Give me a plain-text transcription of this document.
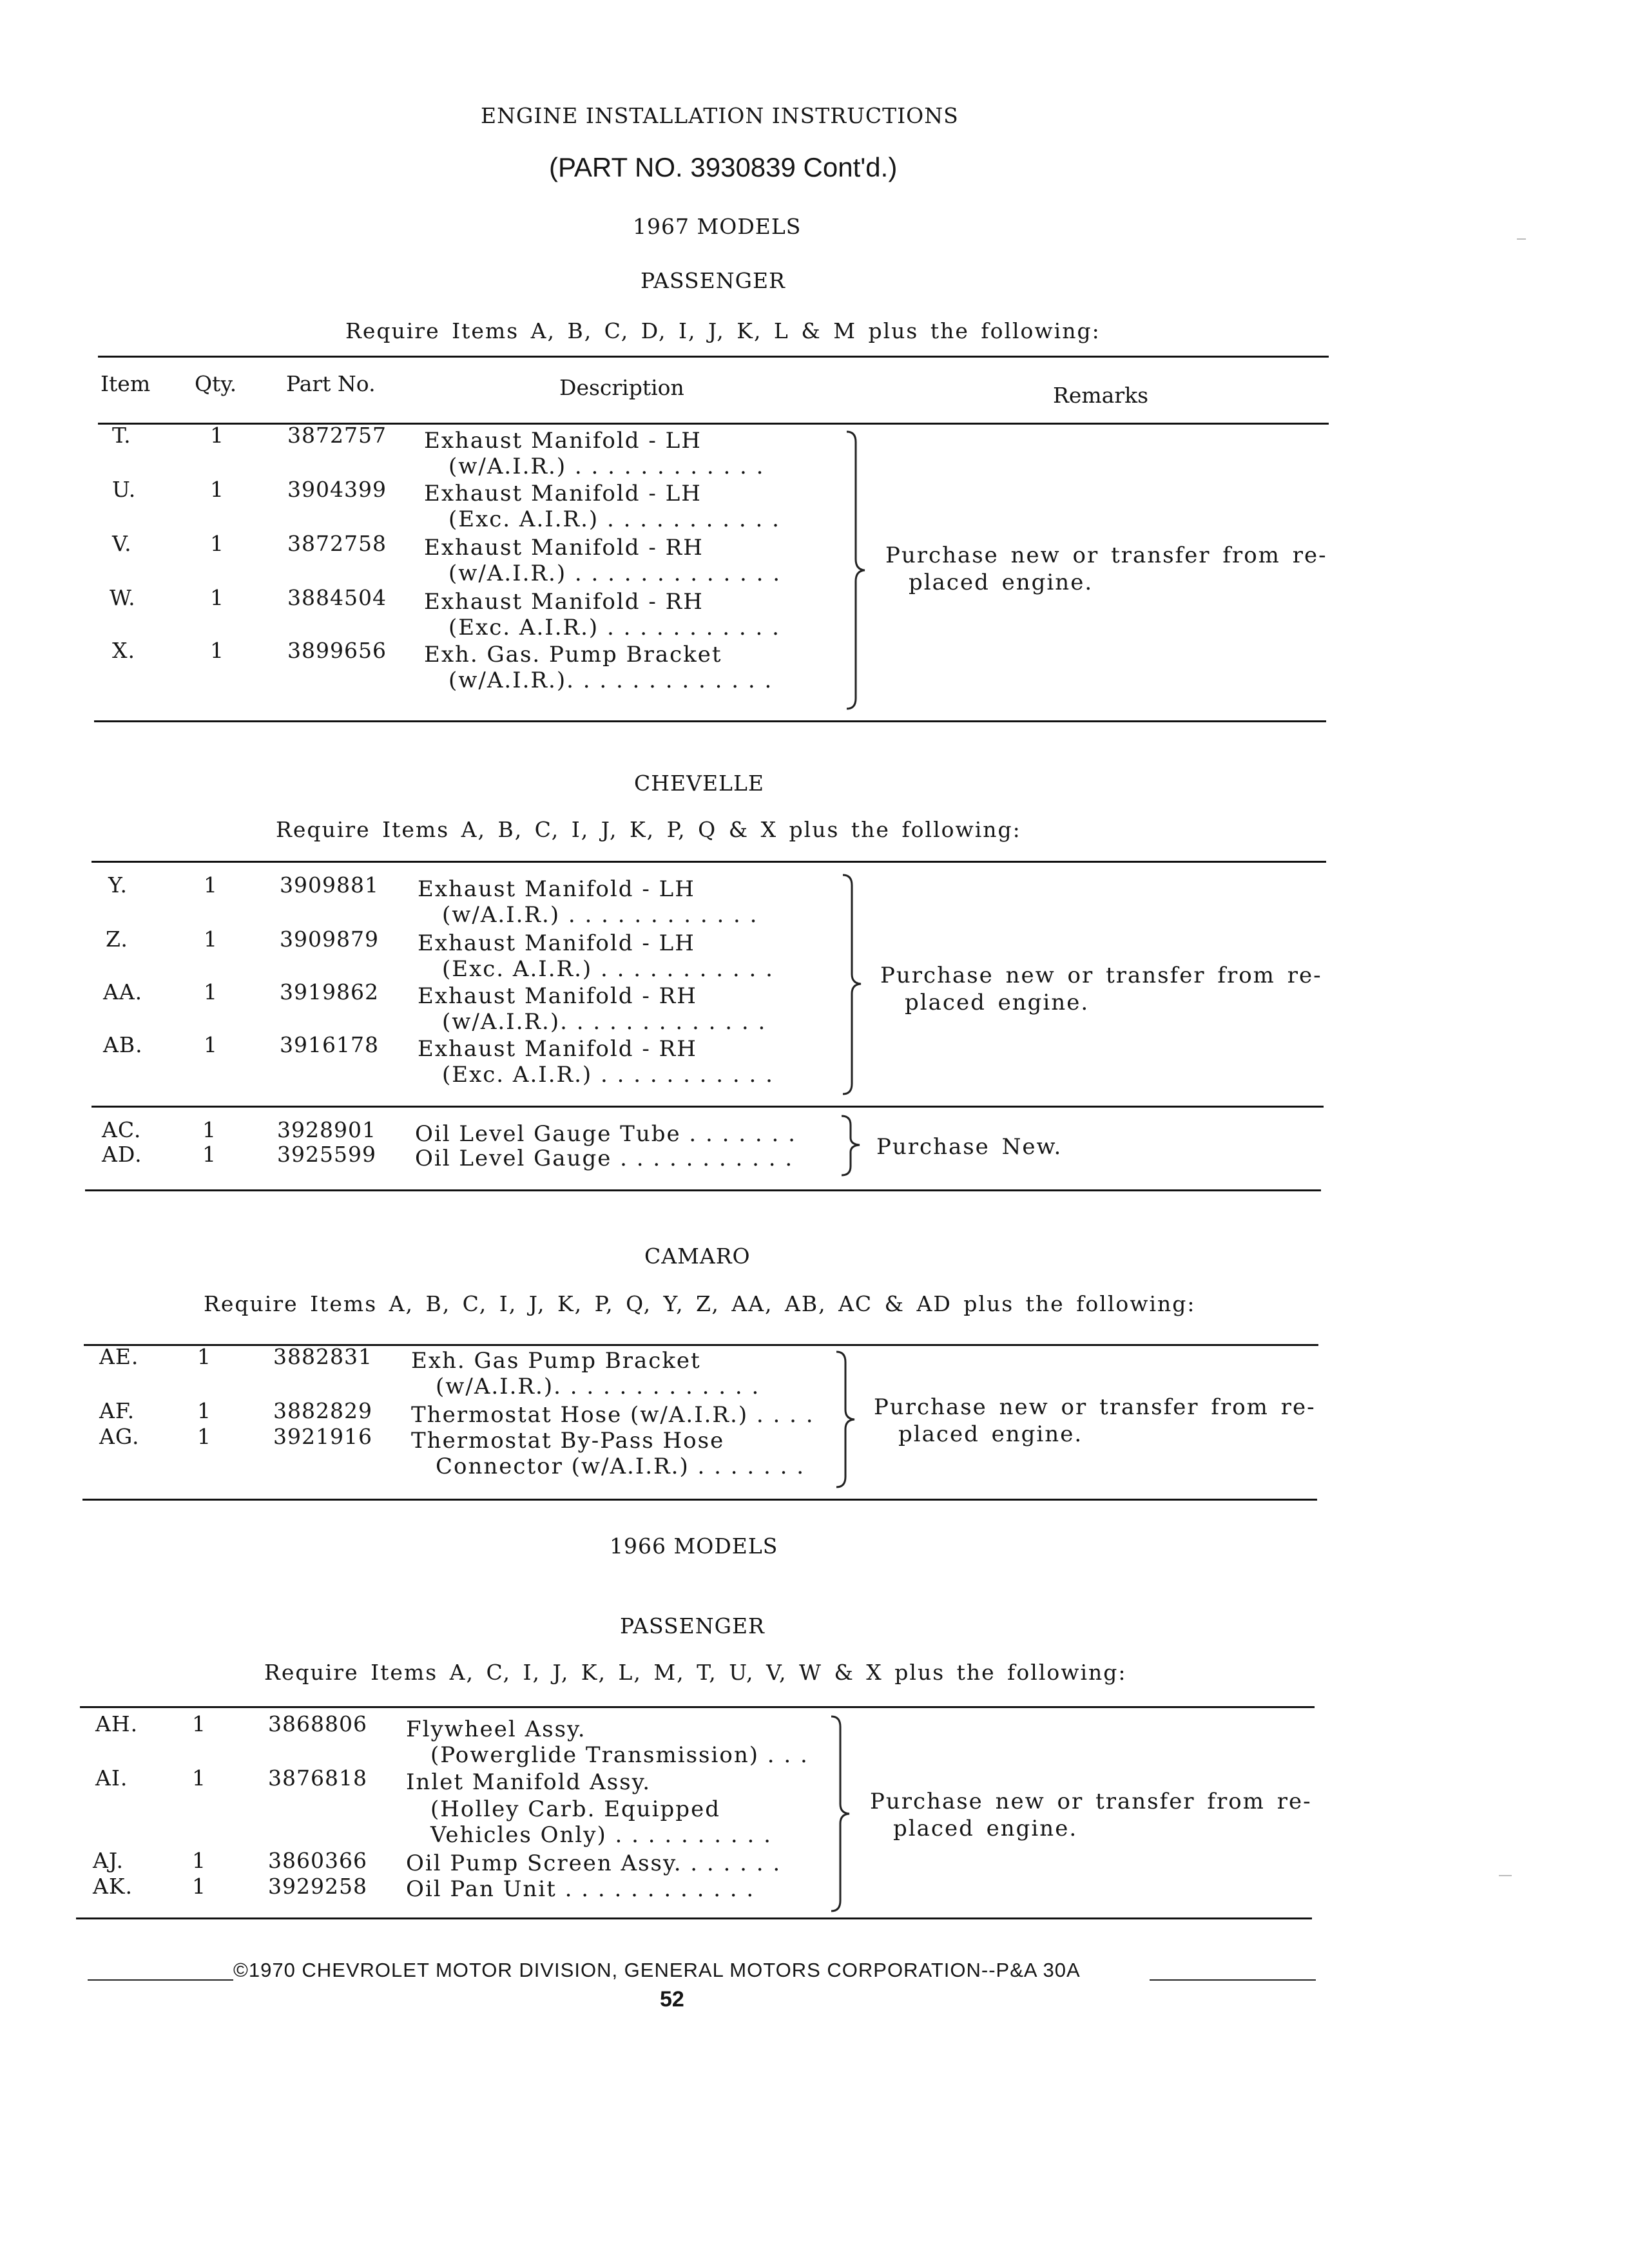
ENGINE INSTALLATION INSTRUCTIONS
(PART NO. 3930839 Cont'd.)
1967 MODELS
PASSENGER
Require Items A, B, C, D, I, J, K, L & M plus the following:
Item Qty. Part No.	Description	Remarks
T.	1	3872757 Exhaust Manifold - LH
(w/A.I.R.) . . . . . . . . . . . .
U.	1	3904399 Exhaust Manifold - LH
(Exc. A.I.R.) . . . . . . . . . . .
V.	1	3872758 Exhaust Manifold - RH
(w/A.I.R.) . . . . . . . . . . . . .
W.	1	3884504 Exhaust Manifold - RH
(Exc. A.I.R.) . . . . . . . . . . .
X.	1	3899656 Exh. Gas. Pump Bracket
(w/A.I.R.). . . . . . . . . . . . .
Purchase new or transfer from re-
placed engine.
CHEVELLE
Require Items A, B, C, I, J, K, P, Q & X plus the following:
Y.	1	3909881 Exhaust Manifold - LH
(w/A.I.R.) . . . . . . . . . . . .
Z.	1	3909879 Exhaust Manifold - LH
(Exc. A.I.R.) . . . . . . . . . . .
AA.	1	3919862 Exhaust Manifold - RH
(w/A.I.R.). . . . . . . . . . . . .
AB.	1	3916178 Exhaust Manifold - RH
(Exc. A.I.R.) . . . . . . . . . . .
Purchase new or transfer from re-
placed engine.
AC.	1	3928901 Oil Level Gauge Tube . . . . . . .
AD.	1	3925599 Oil Level Gauge . . . . . . . . . . .	Purchase New.
CAMARO
Require Items A, B, C, I, J, K, P, Q, Y, Z, AA, AB, AC & AD plus the following:
AE.	1	3882831 Exh. Gas Pump Bracket
(w/A.I.R.). . . . . . . . . . . . .
AF.	1	3882829 Thermostat Hose (w/A.I.R.) . . . .
AG.	1	3921916 Thermostat By-Pass Hose
Connector (w/A.I.R.) . . . . . . .
Purchase new or transfer from re-
placed engine.
1966 MODELS
PASSENGER
Require Items A, C, I, J, K, L, M, T, U, V, W & X plus the following:
AH.	1	3868806 Flywheel Assy.
(Powerglide Transmission) . . .
AI.	1	3876818 Inlet Manifold Assy.
(Holley Carb. Equipped
Vehicles Only) . . . . . . . . . .
AJ.	1	3860366 Oil Pump Screen Assy. . . . . . .
AK.	1	3929258 Oil Pan Unit . . . . . . . . . . . .
Purchase new or transfer from re-
placed engine.
©1970 CHEVROLET MOTOR DIVISION, GENERAL MOTORS CORPORATION--P&A 30A
52
